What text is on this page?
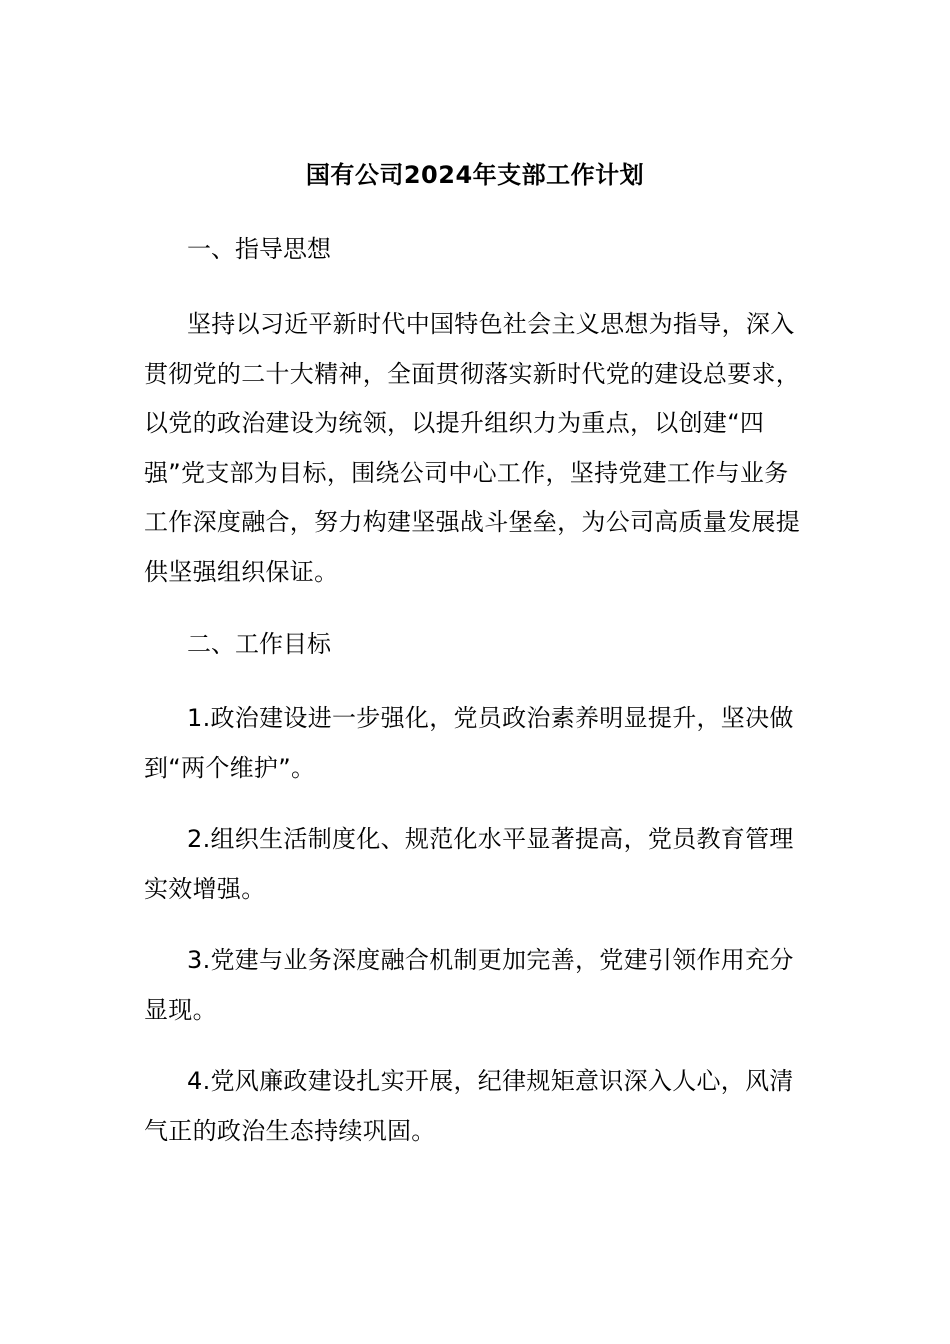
国有公司2024年支部工作计划
一、指导思想

坚持以习近平新时代中国特色社会主义思想为指导，深入贯彻党的二十大精神，全面贯彻落实新时代党的建设总要求，以党的政治建设为统领，以提升组织力为重点，以创建“四强”党支部为目标，围绕公司中心工作，坚持党建工作与业务工作深度融合，努力构建坚强战斗堡垒，为公司高质量发展提供坚强组织保证。

二、工作目标

1.政治建设进一步强化，党员政治素养明显提升，坚决做到“两个维护”。

2.组织生活制度化、规范化水平显著提高，党员教育管理实效增强。

3.党建与业务深度融合机制更加完善，党建引领作用充分显现。

4.党风廉政建设扎实开展，纪律规矩意识深入人心，风清气正的政治生态持续巩固。
